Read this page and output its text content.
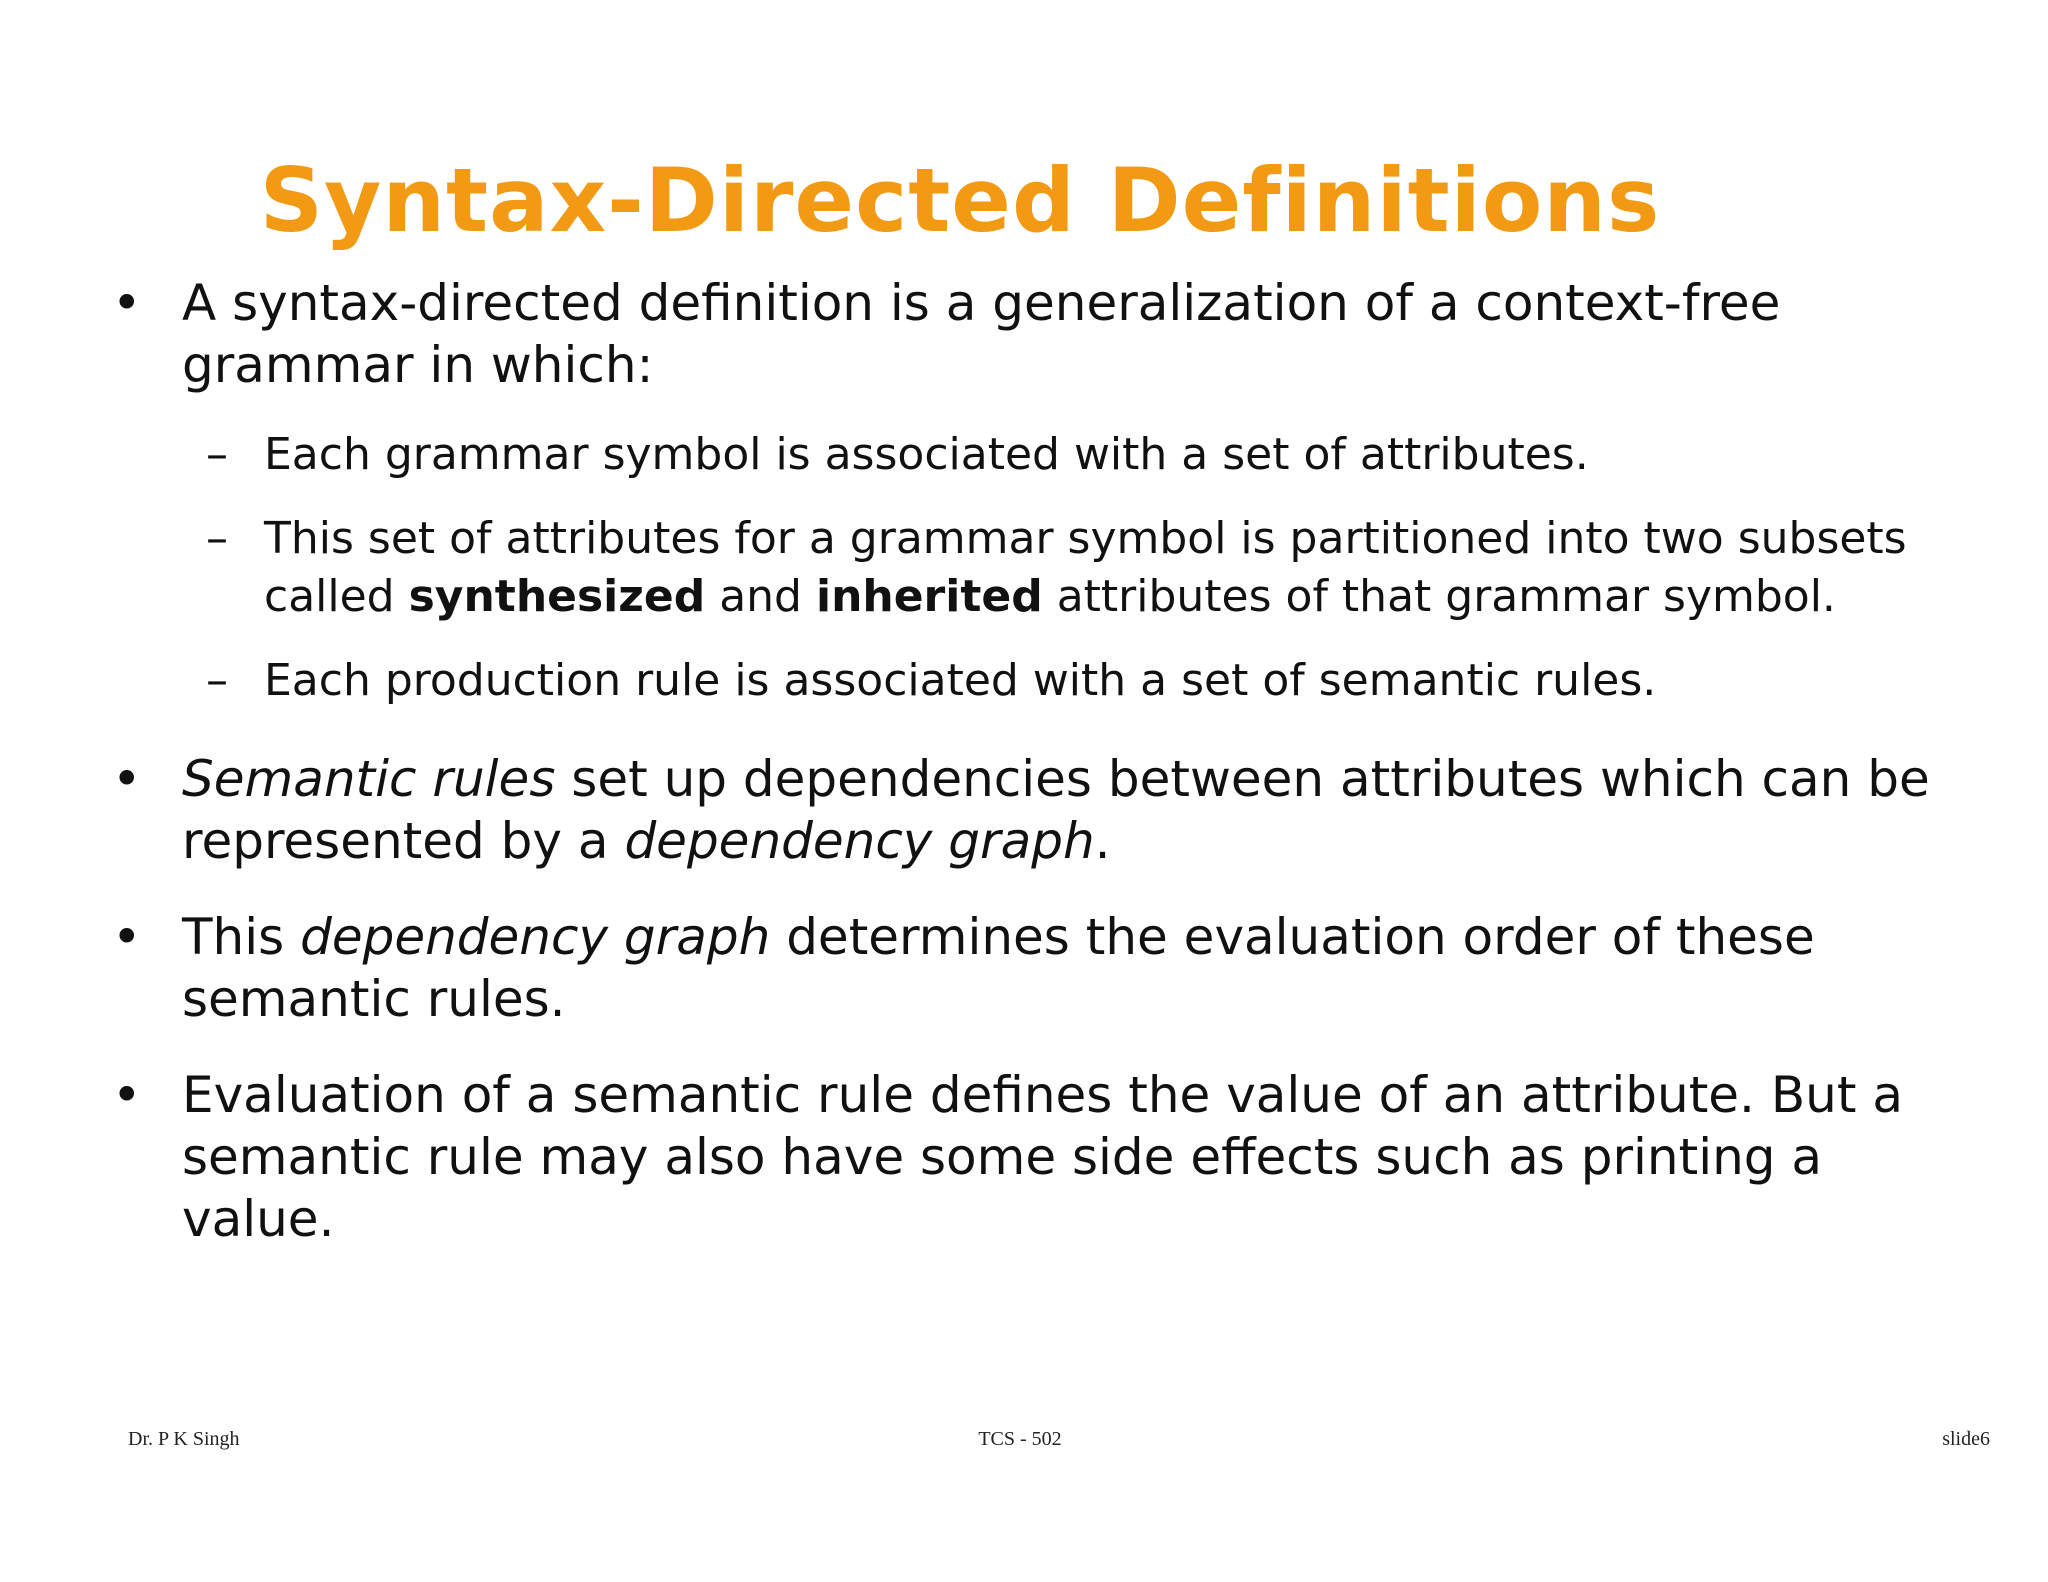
Syntax-Directed Definitions
• A syntax-directed definition is a generalization of a context-free grammar in which:
– Each grammar symbol is associated with a set of attributes.
– This set of attributes for a grammar symbol is partitioned into two subsets called synthesized and inherited attributes of that grammar symbol.
– Each production rule is associated with a set of semantic rules.
• Semantic rules set up dependencies between attributes which can be represented by a dependency graph.
• This dependency graph determines the evaluation order of these semantic rules.
• Evaluation of a semantic rule defines the value of an attribute. But a semantic rule may also have some side effects such as printing a value.
Dr. P K Singh	TCS - 502	slide6
